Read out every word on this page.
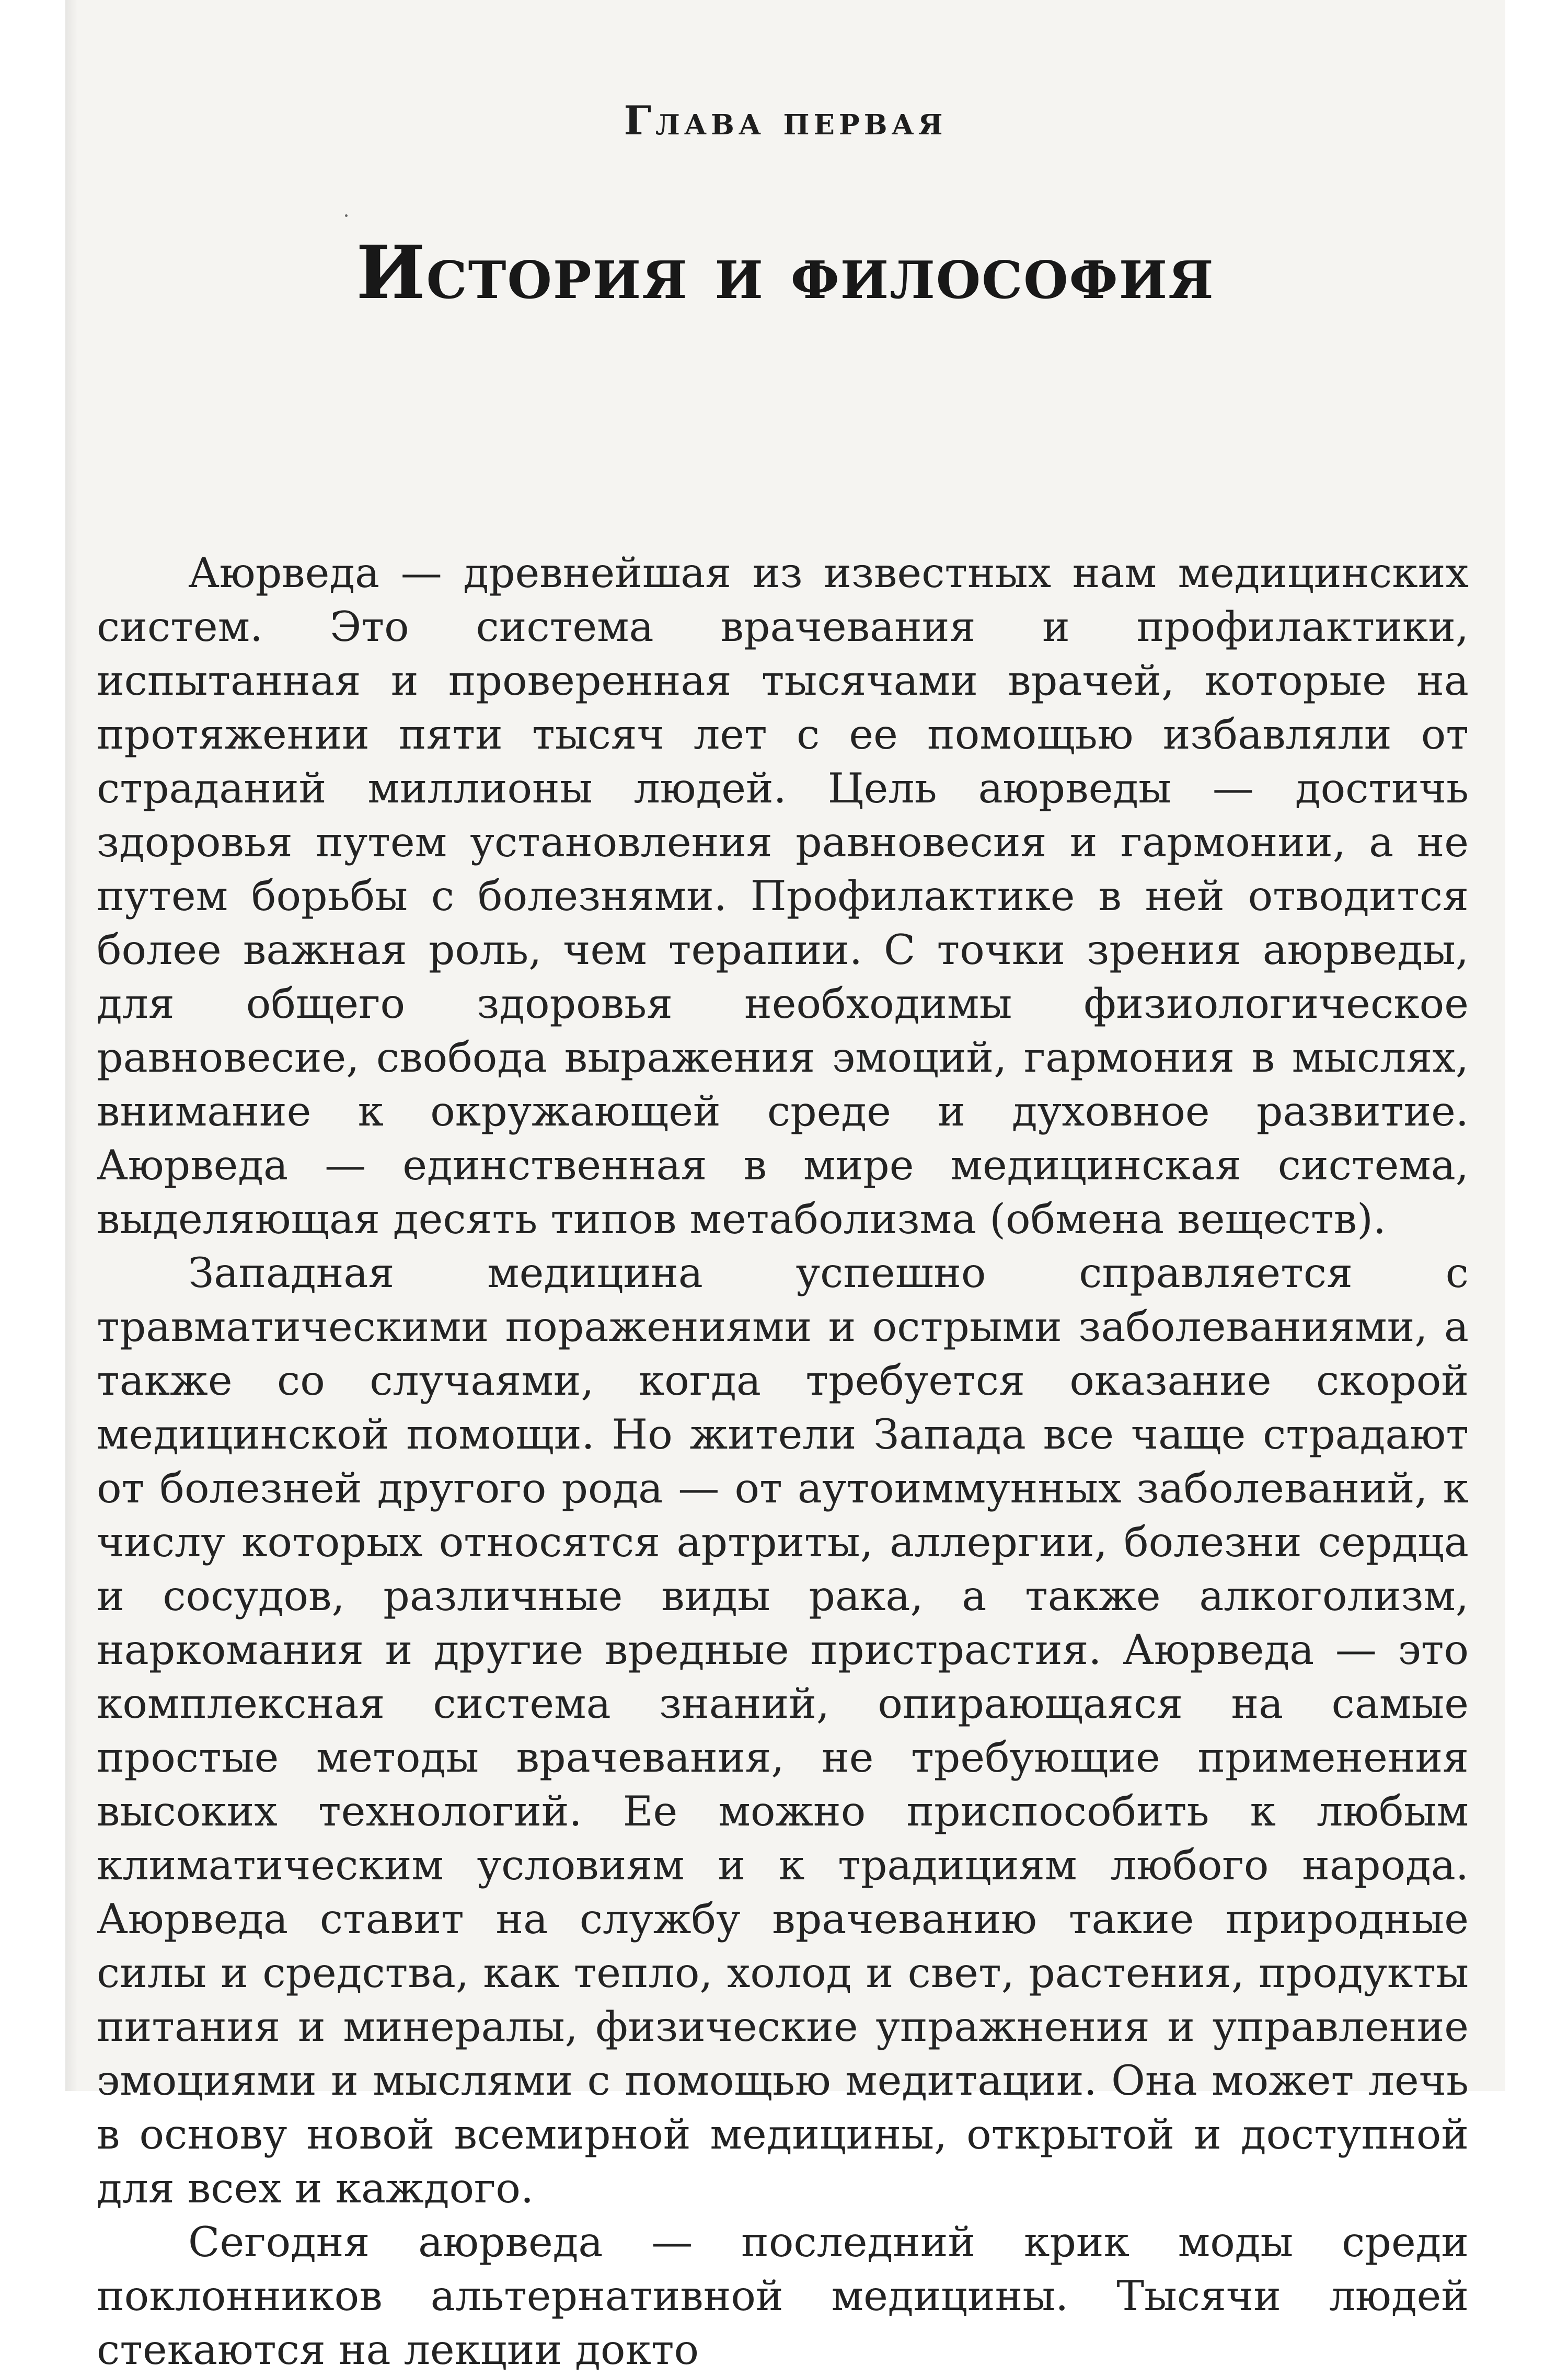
Глава первая
История и философия

Аюрведа — древнейшая из известных нам медицинских систем. Это система врачевания и профилактики, испытанная и проверенная тысячами врачей, которые на протяжении пяти тысяч лет с ее помощью избавляли от страданий миллионы людей. Цель аюрведы — достичь здоровья путем установления равновесия и гармонии, а не путем борьбы с болезнями. Профилактике в ней отводится более важная роль, чем терапии. С точки зрения аюрведы, для общего здоровья необходимы физиологическое равновесие, свобода выражения эмоций, гармония в мыслях, внимание к окружающей среде и духовное развитие. Аюрведа — единственная в мире медицинская система, выделяющая десять типов метаболизма (обмена веществ).

Западная медицина успешно справляется с травматическими поражениями и острыми заболеваниями, а также со случаями, когда требуется оказание скорой медицинской помощи. Но жители Запада все чаще страдают от болезней другого рода — от аутоиммунных заболеваний, к числу которых относятся артриты, аллергии, болезни сердца и сосудов, различные виды рака, а также алкоголизм, наркомания и другие вредные пристрастия. Аюрведа — это комплексная система знаний, опирающаяся на самые простые методы врачевания, не требующие применения высоких технологий. Ее можно приспособить к любым климатическим условиям и к традициям любого народа. Аюрведа ставит на службу врачеванию такие природные силы и средства, как тепло, холод и свет, растения, продукты питания и минералы, физические упражнения и управление эмоциями и мыслями с помощью медитации. Она может лечь в основу новой всемирной медицины, открытой и доступной для всех и каждого.

Сегодня аюрведа — последний крик моды среди поклонников альтернативной медицины. Тысячи людей стекаются на лекции докто
